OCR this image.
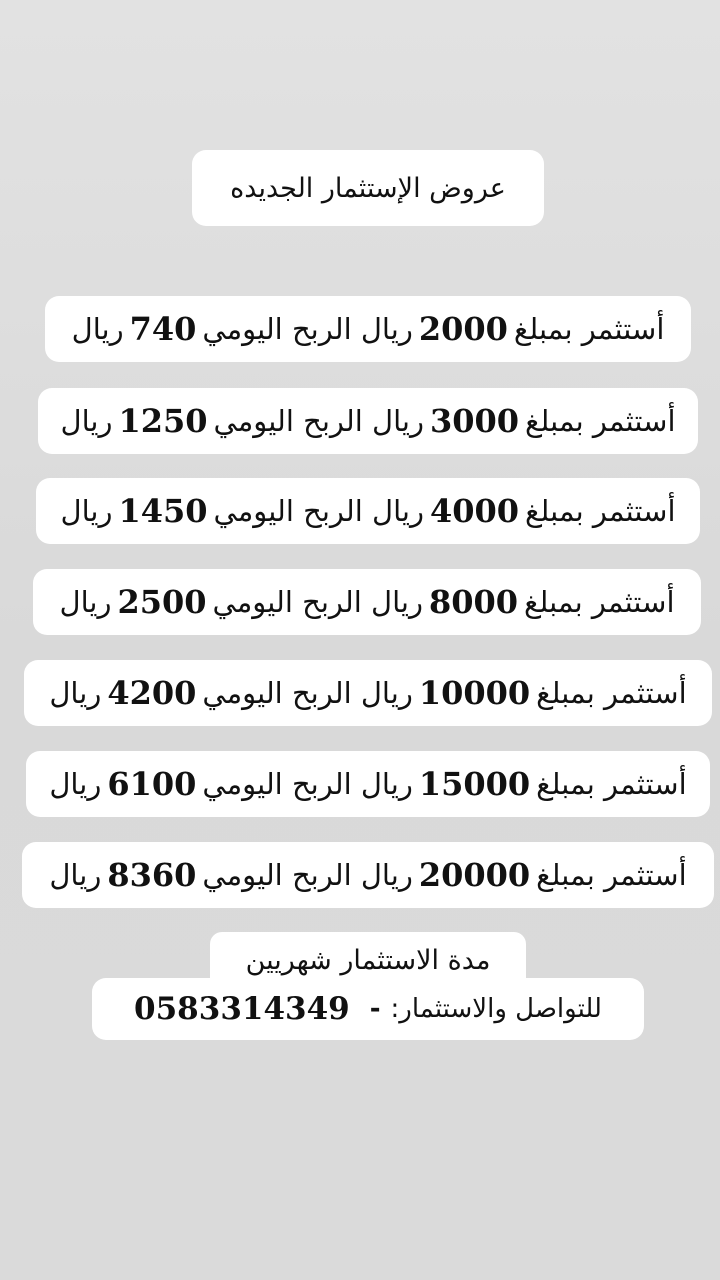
عروض الإستثمار الجديده
أستثمر بمبلغ
2000
ريال الربح اليومي
740
ريال
أستثمر بمبلغ
3000
ريال الربح اليومي
1250
ريال
أستثمر بمبلغ
4000
ريال الربح اليومي
1450
ريال
أستثمر بمبلغ
8000
ريال الربح اليومي
2500
ريال
أستثمر بمبلغ
10000
ريال الربح اليومي
4200
ريال
أستثمر بمبلغ
15000
ريال الربح اليومي
6100
ريال
أستثمر بمبلغ
20000
ريال الربح اليومي
8360
ريال
مدة الاستثمار شهريين
للتواصل والاستثمار:
-
0583314349
